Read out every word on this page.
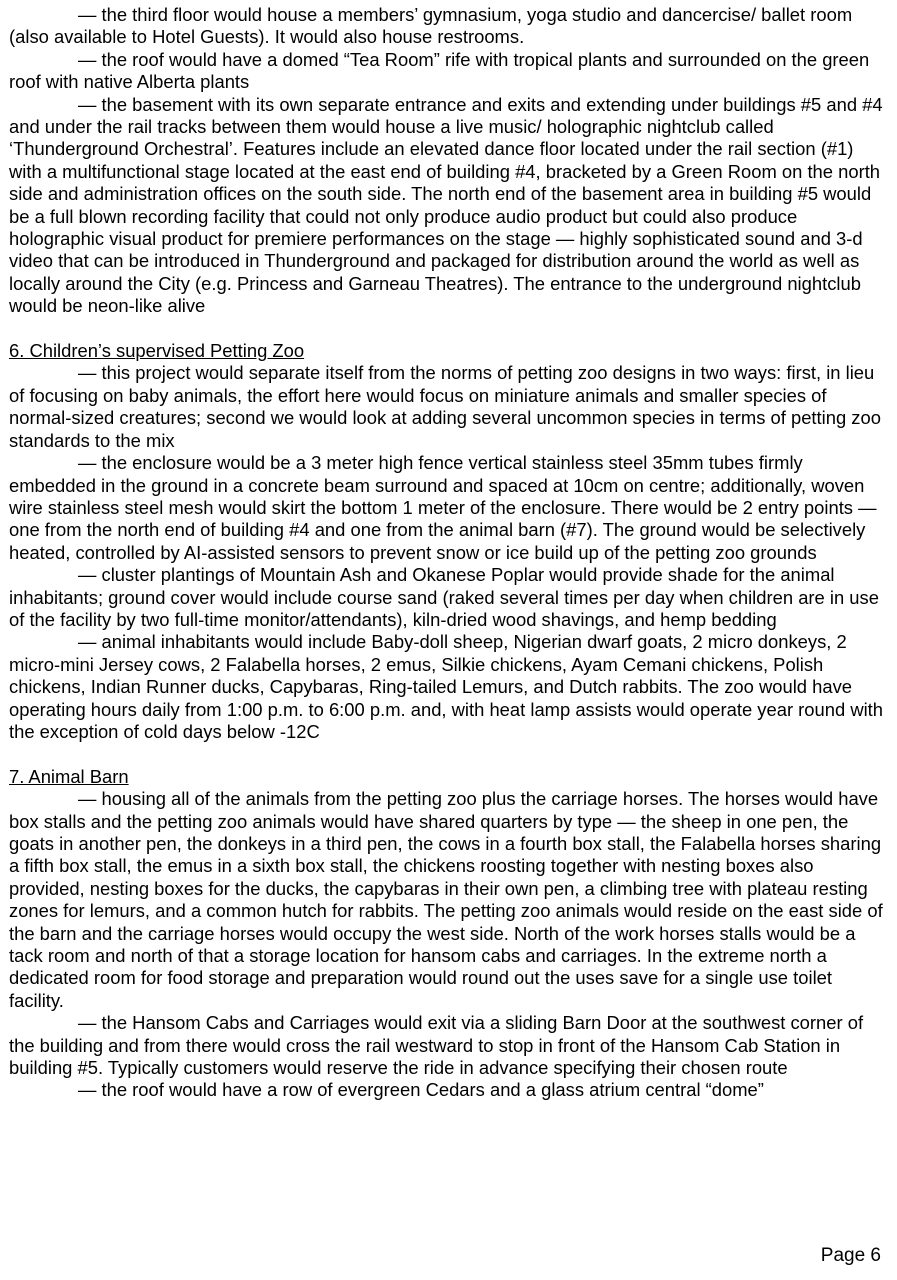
— the third floor would house a members’ gymnasium, yoga studio and dancercise/ ballet room (also available to Hotel Guests). It would also house restrooms.

— the roof would have a domed “Tea Room” rife with tropical plants and surrounded on the green roof with native Alberta plants

— the basement with its own separate entrance and exits and extending under buildings #5 and #4 and under the rail tracks between them would house a live music/ holographic nightclub called ‘Thunderground Orchestral’. Features include an elevated dance floor located under the rail section (#1) with a multifunctional stage located at the east end of building #4, bracketed by a Green Room on the north side and administration offices on the south side. The north end of the basement area in building #5 would be a full blown recording facility that could not only produce audio product but could also produce holographic visual product for premiere performances on the stage — highly sophisticated sound and 3-d video that can be introduced in Thunderground and packaged for distribution around the world as well as locally around the City (e.g. Princess and Garneau Theatres). The entrance to the underground nightclub would be neon-like alive

6. Children’s supervised Petting Zoo

— this project would separate itself from the norms of petting zoo designs in two ways: first, in lieu of focusing on baby animals, the effort here would focus on miniature animals and smaller species of normal-sized creatures; second we would look at adding several uncommon species in terms of petting zoo standards to the mix

— the enclosure would be a 3 meter high fence vertical stainless steel 35mm tubes firmly embedded in the ground in a concrete beam surround and spaced at 10cm on centre; additionally, woven wire stainless steel mesh would skirt the bottom 1 meter of the enclosure. There would be 2 entry points — one from the north end of building #4 and one from the animal barn (#7). The ground would be selectively heated, controlled by AI-assisted sensors to prevent snow or ice build up of the petting zoo grounds

— cluster plantings of Mountain Ash and Okanese Poplar would provide shade for the animal inhabitants; ground cover would include course sand (raked several times per day when children are in use of the facility by two full-time monitor/attendants), kiln-dried wood shavings, and hemp bedding

— animal inhabitants would include Baby-doll sheep, Nigerian dwarf goats, 2 micro donkeys, 2 micro-mini Jersey cows, 2 Falabella horses, 2 emus, Silkie chickens, Ayam Cemani chickens, Polish chickens, Indian Runner ducks, Capybaras, Ring-tailed Lemurs, and Dutch rabbits. The zoo would have operating hours daily from 1:00 p.m. to 6:00 p.m. and, with heat lamp assists would operate year round with the exception of cold days below -12C

7. Animal Barn

— housing all of the animals from the petting zoo plus the carriage horses. The horses would have box stalls and the petting zoo animals would have shared quarters by type — the sheep in one pen, the goats in another pen, the donkeys in a third pen, the cows in a fourth box stall, the Falabella horses sharing a fifth box stall, the emus in a sixth box stall, the chickens roosting together with nesting boxes also provided, nesting boxes for the ducks, the capybaras in their own pen, a climbing tree with plateau resting zones for lemurs, and a common hutch for rabbits. The petting zoo animals would reside on the east side of the barn and the carriage horses would occupy the west side. North of the work horses stalls would be a tack room and north of that a storage location for hansom cabs and carriages. In the extreme north a dedicated room for food storage and preparation would round out the uses save for a single use toilet facility.

— the Hansom Cabs and Carriages would exit via a sliding Barn Door at the southwest corner of the building and from there would cross the rail westward to stop in front of the Hansom Cab Station in building #5. Typically customers would reserve the ride in advance specifying their chosen route

— the roof would have a row of evergreen Cedars and a glass atrium central “dome”

Page 6
